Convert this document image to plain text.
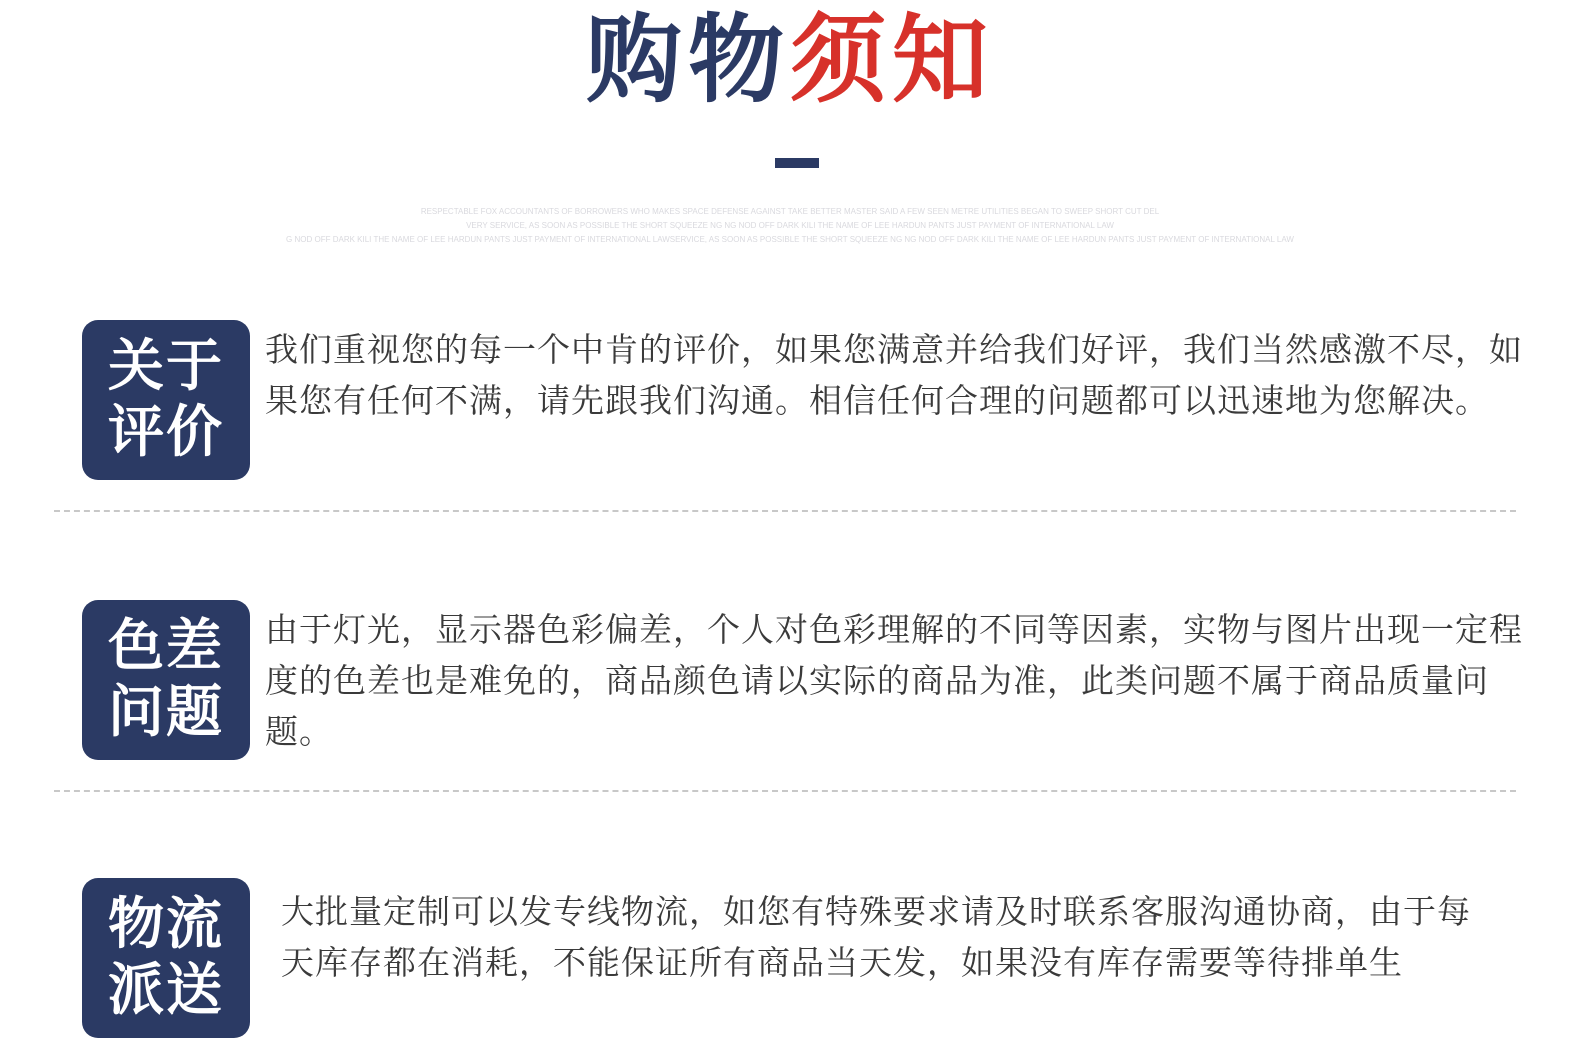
购物须知
RESPECTABLE FOX ACCOUNTANTS OF BORROWERS WHO MAKES SPACE DEFENSE AGAINST TAKE BETTER MASTER SAID A FEW SEEN METRE UTILITIES BEGAN TO SWEEP SHORT CUT DEL
VERY SERVICE, AS SOON AS POSSIBLE THE SHORT SQUEEZE NG NG NOD OFF DARK KILI THE NAME OF LEE HARDUN PANTS JUST PAYMENT OF INTERNATIONAL LAW
G NOD OFF DARK KILI THE NAME OF LEE HARDUN PANTS JUST PAYMENT OF INTERNATIONAL LAWSERVICE, AS SOON AS POSSIBLE THE SHORT SQUEEZE NG NG NOD OFF DARK KILI THE NAME OF LEE HARDUN PANTS JUST PAYMENT OF INTERNATIONAL LAW
关于
评价
我们重视您的每一个中肯的评价，如果您满意并给我们好评，我们当然感激不尽，如果您有任何不满，请先跟我们沟通。相信任何合理的问题都可以迅速地为您解决。
色差
问题
由于灯光，显示器色彩偏差，个人对色彩理解的不同等因素，实物与图片出现一定程度的色差也是难免的，商品颜色请以实际的商品为准，此类问题不属于商品质量问题。
物流
派送
大批量定制可以发专线物流，如您有特殊要求请及时联系客服沟通协商，由于每天库存都在消耗，不能保证所有商品当天发，如果没有库存需要等待排单生
